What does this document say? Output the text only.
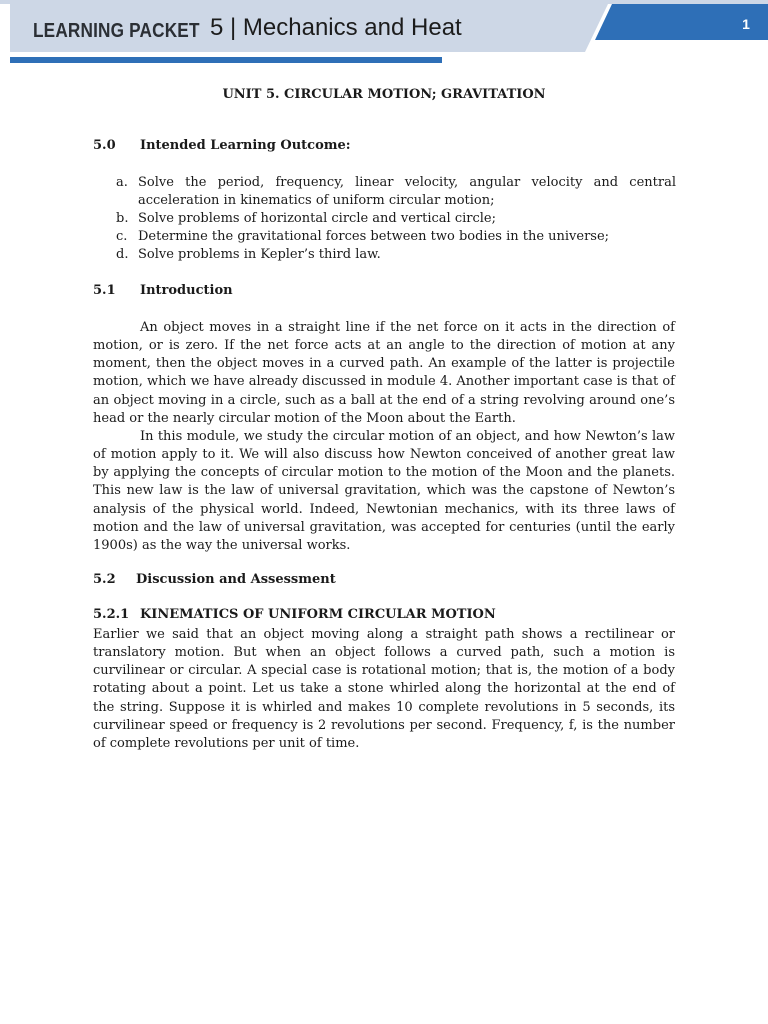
LEARNING PACKET 5 | Mechanics and Heat	1
UNIT 5. CIRCULAR MOTION; GRAVITATION
5.0 Intended Learning Outcome:
a. Solve the period, frequency, linear velocity, angular velocity and central acceleration in kinematics of uniform circular motion;
b. Solve problems of horizontal circle and vertical circle;
c. Determine the gravitational forces between two bodies in the universe;
d. Solve problems in Kepler’s third law.
5.1 Introduction

An object moves in a straight line if the net force on it acts in the direction of motion, or is zero. If the net force acts at an angle to the direction of motion at any moment, then the object moves in a curved path. An example of the latter is projectile motion, which we have already discussed in module 4. Another important case is that of an object moving in a circle, such as a ball at the end of a string revolving around one’s head or the nearly circular motion of the Moon about the Earth.

In this module, we study the circular motion of an object, and how Newton’s law of motion apply to it. We will also discuss how Newton conceived of another great law by applying the concepts of circular motion to the motion of the Moon and the planets. This new law is the law of universal gravitation, which was the capstone of Newton’s analysis of the physical world. Indeed, Newtonian mechanics, with its three laws of motion and the law of universal gravitation, was accepted for centuries (until the early 1900s) as the way the universal works.

5.2 Discussion and Assessment
5.2.1 KINEMATICS OF UNIFORM CIRCULAR MOTION

Earlier we said that an object moving along a straight path shows a rectilinear or translatory motion. But when an object follows a curved path, such a motion is curvilinear or circular. A special case is rotational motion; that is, the motion of a body rotating about a point. Let us take a stone whirled along the horizontal at the end of the string. Suppose it is whirled and makes 10 complete revolutions in 5 seconds, its curvilinear speed or frequency is 2 revolutions per second. Frequency, f, is the number of complete revolutions per unit of time.
